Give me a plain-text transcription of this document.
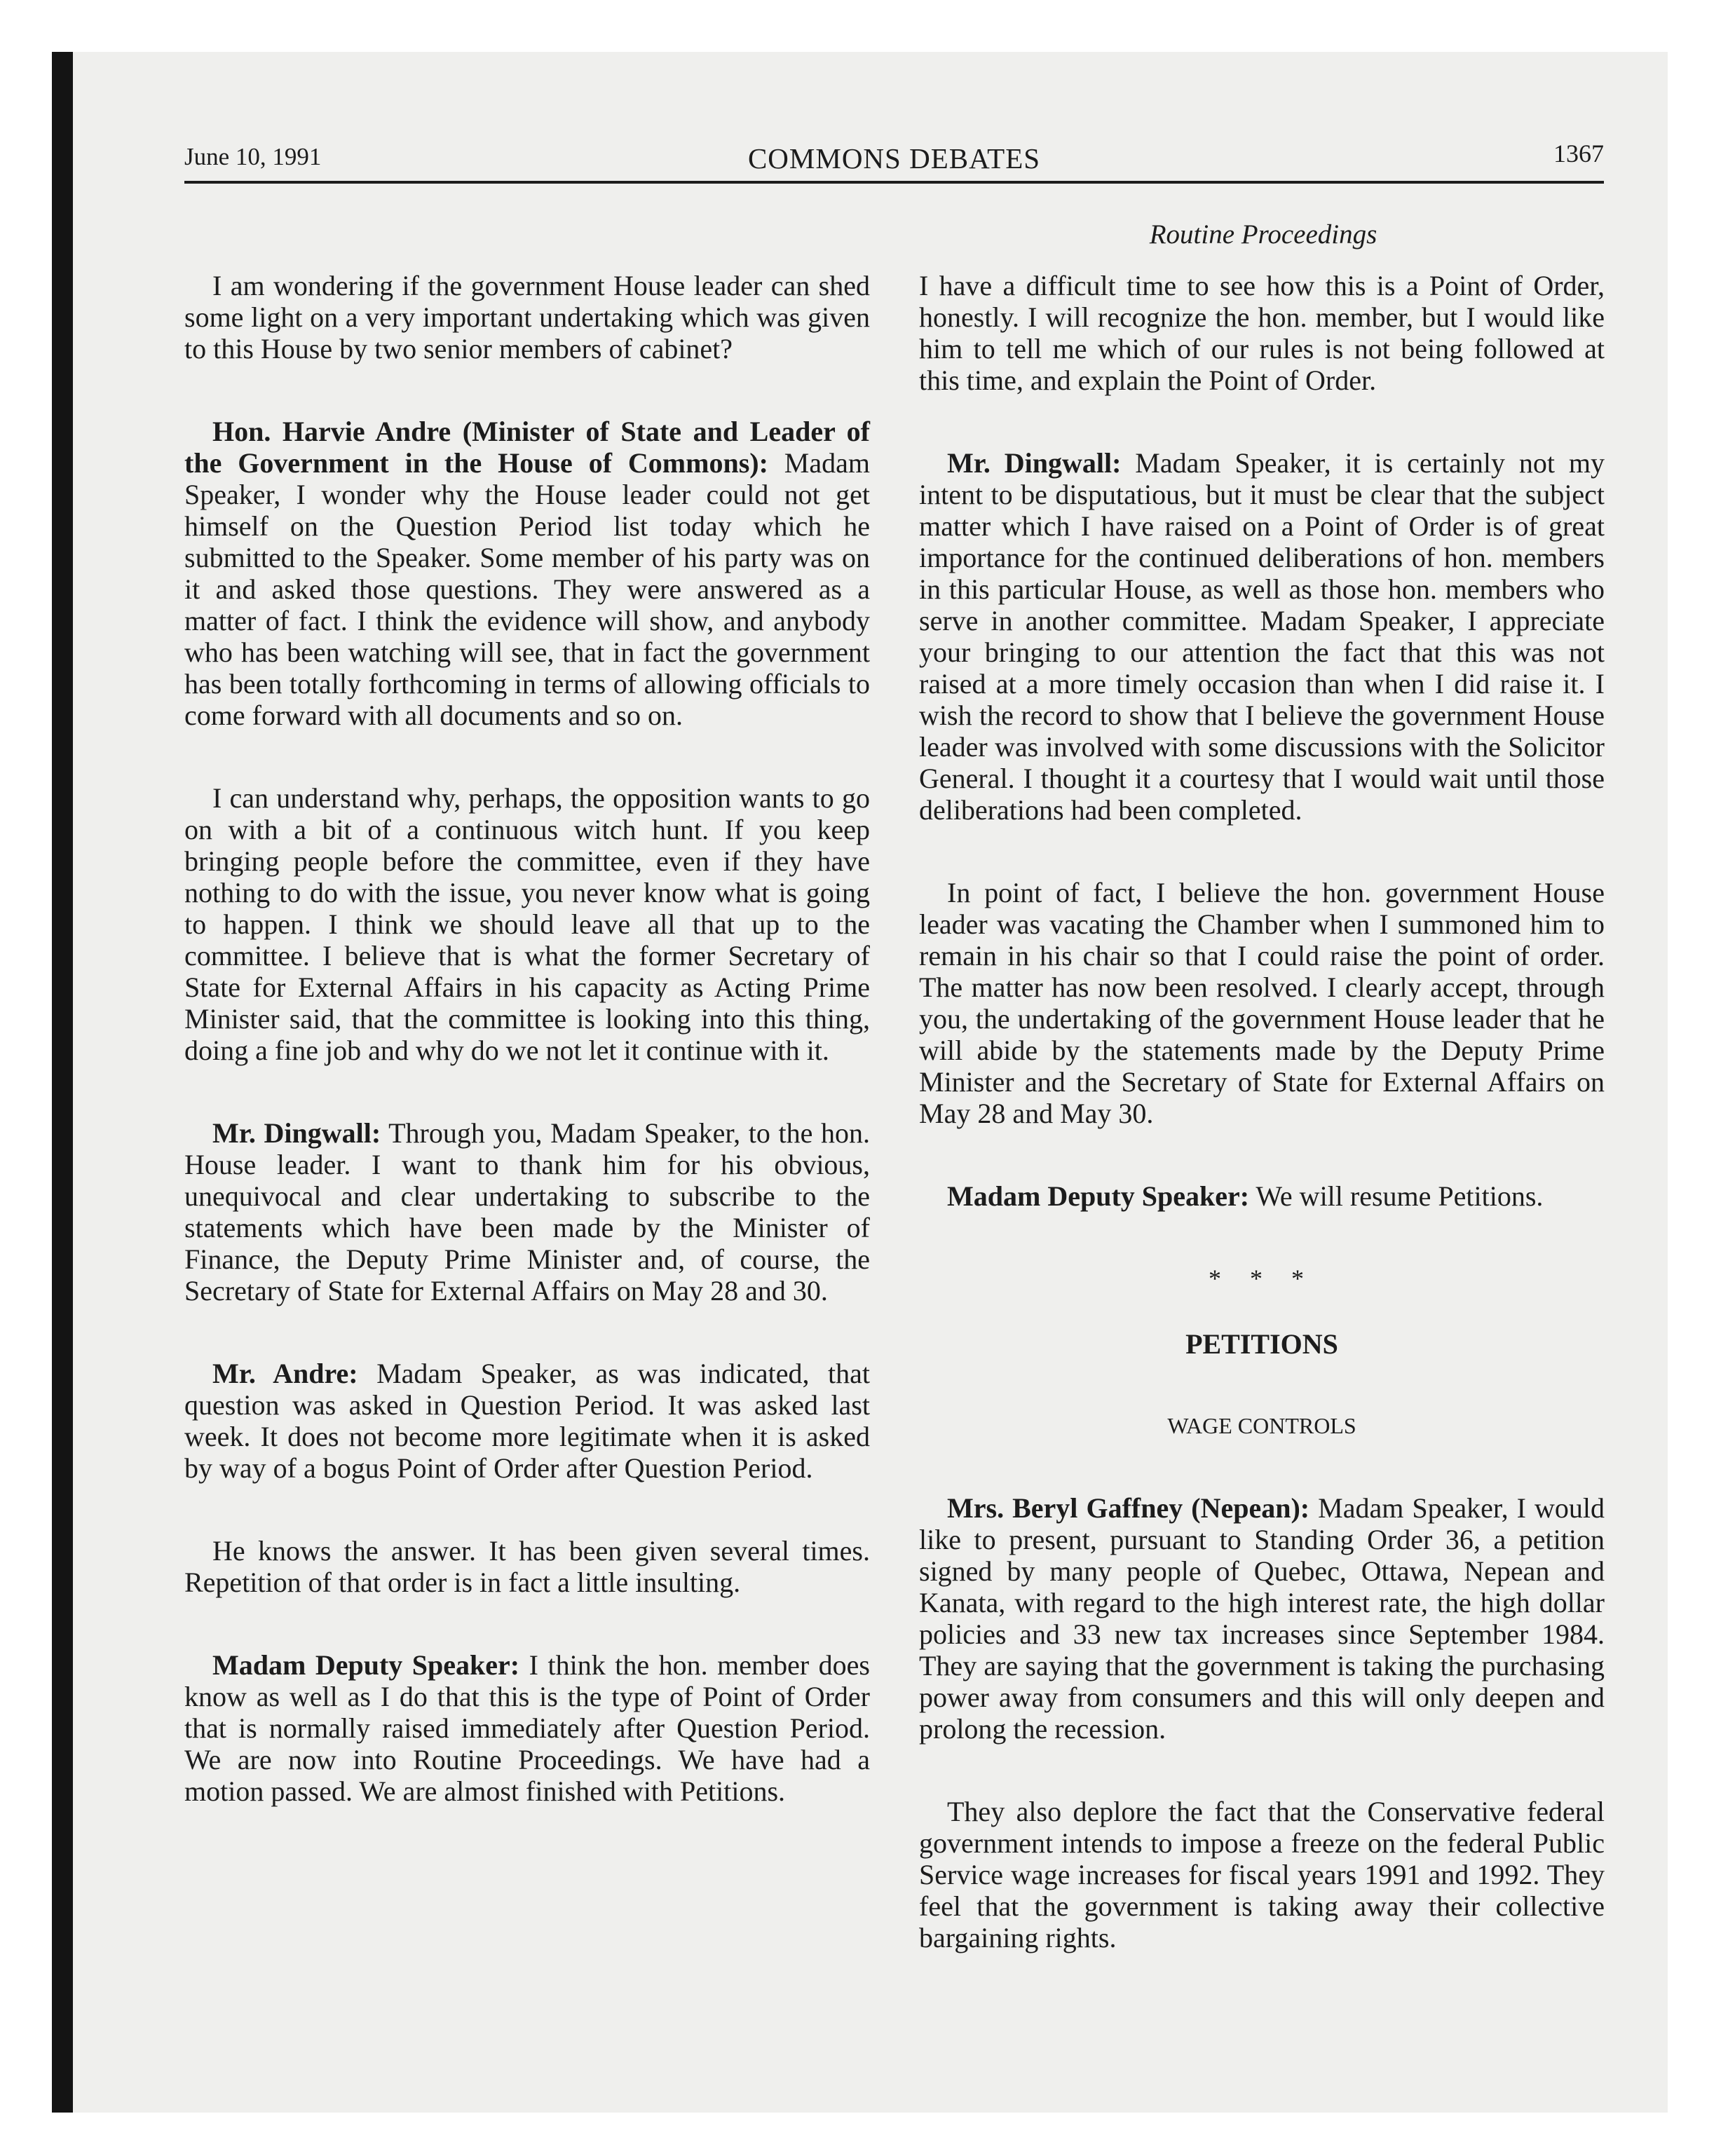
June 10, 1991	COMMONS DEBATES	1367
Routine Proceedings

I am wondering if the government House leader can shed some light on a very important undertaking which was given to this House by two senior members of cabinet?

Hon. Harvie Andre (Minister of State and Leader of the Government in the House of Commons): Madam Speaker, I wonder why the House leader could not get himself on the Question Period list today which he submitted to the Speaker. Some member of his party was on it and asked those questions. They were answered as a matter of fact. I think the evidence will show, and anybody who has been watching will see, that in fact the government has been totally forthcoming in terms of allowing officials to come forward with all documents and so on.

I can understand why, perhaps, the opposition wants to go on with a bit of a continuous witch hunt. If you keep bringing people before the committee, even if they have nothing to do with the issue, you never know what is going to happen. I think we should leave all that up to the committee. I believe that is what the former Secretary of State for External Affairs in his capacity as Acting Prime Minister said, that the committee is looking into this thing, doing a fine job and why do we not let it continue with it.

Mr. Dingwall: Through you, Madam Speaker, to the hon. House leader. I want to thank him for his obvious, unequivocal and clear undertaking to subscribe to the statements which have been made by the Minister of Finance, the Deputy Prime Minister and, of course, the Secretary of State for External Affairs on May 28 and 30.

Mr. Andre: Madam Speaker, as was indicated, that question was asked in Question Period. It was asked last week. It does not become more legitimate when it is asked by way of a bogus Point of Order after Question Period.

He knows the answer. It has been given several times. Repetition of that order is in fact a little insulting.

Madam Deputy Speaker: I think the hon. member does know as well as I do that this is the type of Point of Order that is normally raised immediately after Question Period. We are now into Routine Proceedings. We have had a motion passed. We are almost finished with Petitions.

I have a difficult time to see how this is a Point of Order, honestly. I will recognize the hon. member, but I would like him to tell me which of our rules is not being followed at this time, and explain the Point of Order.

Mr. Dingwall: Madam Speaker, it is certainly not my intent to be disputatious, but it must be clear that the subject matter which I have raised on a Point of Order is of great importance for the continued deliberations of hon. members in this particular House, as well as those hon. members who serve in another committee. Madam Speaker, I appreciate your bringing to our attention the fact that this was not raised at a more timely occasion than when I did raise it. I wish the record to show that I believe the government House leader was involved with some discussions with the Solicitor General. I thought it a courtesy that I would wait until those deliberations had been completed.

In point of fact, I believe the hon. government House leader was vacating the Chamber when I summoned him to remain in his chair so that I could raise the point of order. The matter has now been resolved. I clearly accept, through you, the undertaking of the government House leader that he will abide by the statements made by the Deputy Prime Minister and the Secretary of State for External Affairs on May 28 and May 30.

Madam Deputy Speaker: We will resume Petitions.

* * *
PETITIONS
WAGE CONTROLS

Mrs. Beryl Gaffney (Nepean): Madam Speaker, I would like to present, pursuant to Standing Order 36, a petition signed by many people of Quebec, Ottawa, Nepean and Kanata, with regard to the high interest rate, the high dollar policies and 33 new tax increases since September 1984. They are saying that the government is taking the purchasing power away from consumers and this will only deepen and prolong the recession.

They also deplore the fact that the Conservative federal government intends to impose a freeze on the federal Public Service wage increases for fiscal years 1991 and 1992. They feel that the government is taking away their collective bargaining rights.
